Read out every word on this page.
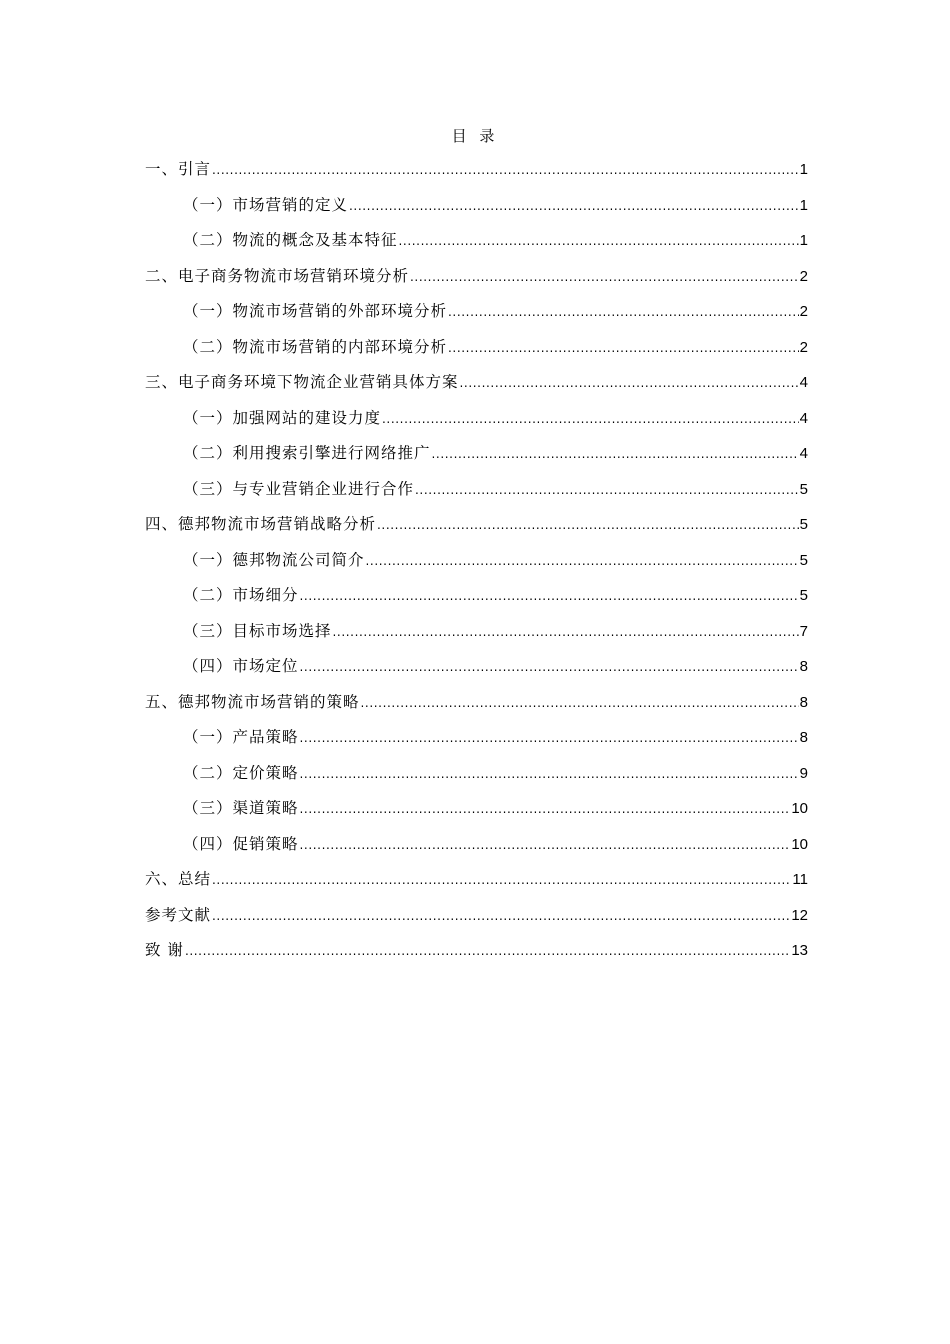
目 录
一、引言 .....	1
（一）市场营销的定义 .....	1
（二）物流的概念及基本特征 .....	1
二、电子商务物流市场营销环境分析 .....	2
（一）物流市场营销的外部环境分析 .....	2
（二）物流市场营销的内部环境分析 .....	2
三、电子商务环境下物流企业营销具体方案 .....	4
（一）加强网站的建设力度 .....	4
（二）利用搜索引擎进行网络推广 .....	4
（三）与专业营销企业进行合作 .....	5
四、德邦物流市场营销战略分析 .....	5
（一）德邦物流公司简介 .....	5
（二）市场细分 .....	5
（三）目标市场选择 .....	7
（四）市场定位 .....	8
五、德邦物流市场营销的策略 .....	8
（一）产品策略 .....	8
（二）定价策略 .....	9
（三）渠道策略 .....	10
（四）促销策略 .....	10
六、总结 .....	11
参考文献 .....	12
致 谢 .....	13
